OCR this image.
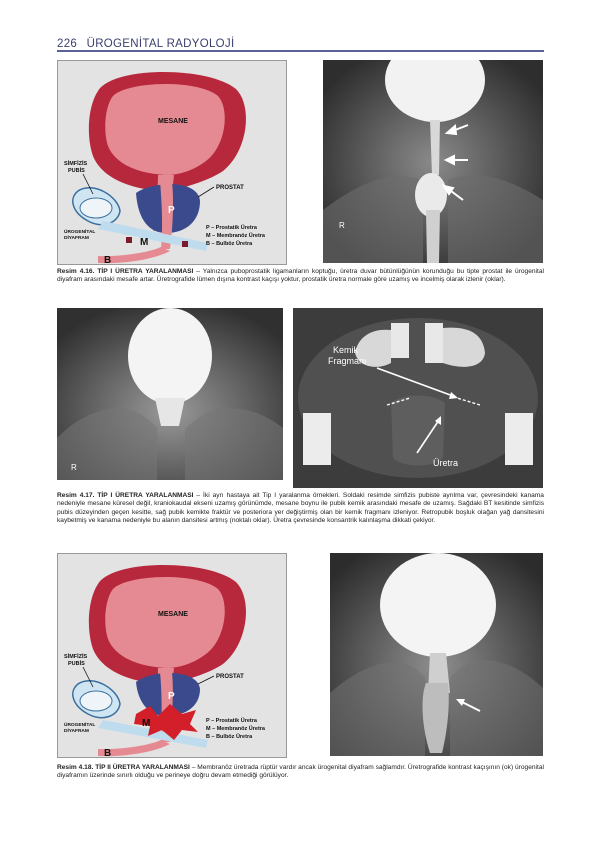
226 ÜROGENİTAL RADYOLOJİ
MESANE
SİMFİZİS
PUBİS
PROSTAT
ÜROGENİTAL
DİYAFRAM
P
M
B
P – Prostatik Üretra
M – Membranöz Üretra
B – Bulböz Üretra
R
Resim 4.16. TİP I ÜRETRA YARALANMASI – Yalnızca puboprostatik ligamanların koptuğu, üretra duvar bütünlüğünün korunduğu bu tipte prostat ile ürogenital diyafram arasındaki mesafe artar. Üretrografide lümen dışına kontrast kaçışı yoktur, prostatik üretra normale göre uzamış ve incelmiş olarak izlenir (oklar).
R
Kemik
Fragmanı
Üretra
Resim 4.17. TİP I ÜRETRA YARALANMASI – İki ayrı hastaya ait Tip I yaralanma örnekleri. Soldaki resimde simfizis pubiste ayrılma var, çevresindeki kanama nedeniyle mesane küresel değil, kraniokaudal ekseni uzamış görünümde, mesane boynu ile pubik kemik arasındaki mesafe de uzamış. Sağdaki BT kesitinde simfizis pubis düzeyinden geçen kesitte, sağ pubik kemikte fraktür ve posteriora yer değiştirmiş olan bir kemik fragmanı izleniyor. Retropubik boşluk olağan yağ dansitesini kaybetmiş ve kanama nedeniyle bu alanın dansitesi artmış (noktalı oklar). Üretra çevresinde konsantrik kalınlaşma dikkati çekiyor.
MESANE
SİMFİZİS
PUBİS
PROSTAT
ÜROGENİTAL
DİYAFRAM
P
M
B
P – Prostatik Üretra
M – Membranöz Üretra
B – Bulböz Üretra
Resim 4.18. TİP II ÜRETRA YARALANMASI – Membranöz üretrada rüptür vardır ancak ürogenital diyafram sağlamdır. Üretrografide kontrast kaçışının (ok) ürogenital diyaframın üzerinde sınırlı olduğu ve perineye doğru devam etmediği görülüyor.
